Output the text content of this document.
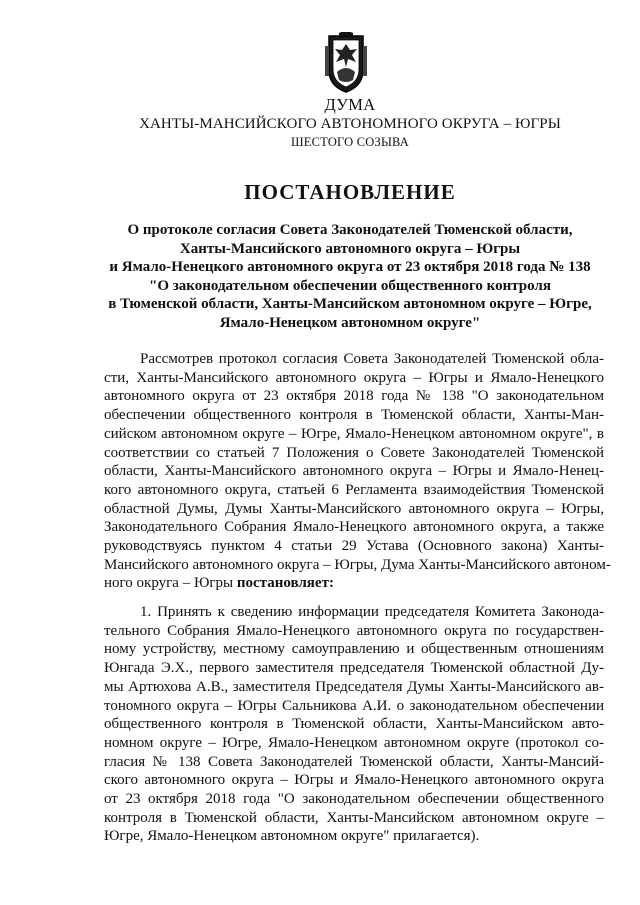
ДУМА
ХАНТЫ-МАНСИЙСКОГО АВТОНОМНОГО ОКРУГА – ЮГРЫ
ШЕСТОГО СОЗЫВА
ПОСТАНОВЛЕНИЕ
О протоколе согласия Совета Законодателей Тюменской области,
Ханты-Мансийского автономного округа – Югры
и Ямало-Ненецкого автономного округа от 23 октября 2018 года № 138
"О законодательном обеспечении общественного контроля
в Тюменской области, Ханты-Мансийском автономном округе – Югре,
Ямало-Ненецком автономном округе"
Рассмотрев протокол согласия Совета Законодателей Тюменской обла-
сти, Ханты-Мансийского автономного округа – Югры и Ямало-Ненецкого
автономного округа от 23 октября 2018 года № 138 "О законодательном
обеспечении общественного контроля в Тюменской области, Ханты-Ман-
сийском автономном округе – Югре, Ямало-Ненецком автономном округе", в
соответствии со статьей 7 Положения о Совете Законодателей Тюменской
области, Ханты-Мансийского автономного округа – Югры и Ямало-Ненец-
кого автономного округа, статьей 6 Регламента взаимодействия Тюменской
областной Думы, Думы Ханты-Мансийского автономного округа – Югры,
Законодательного Собрания Ямало-Ненецкого автономного округа, а также
руководствуясь пунктом 4 статьи 29 Устава (Основного закона) Ханты-
Мансийского автономного округа – Югры, Дума Ханты-Мансийского автоном-
ного округа – Югры постановляет:
1. Принять к сведению информации председателя Комитета Законода-
тельного Собрания Ямало-Ненецкого автономного округа по государствен-
ному устройству, местному самоуправлению и общественным отношениям
Юнгада Э.Х., первого заместителя председателя Тюменской областной Ду-
мы Артюхова А.В., заместителя Председателя Думы Ханты-Мансийского ав-
тономного округа – Югры Сальникова А.И. о законодательном обеспечении
общественного контроля в Тюменской области, Ханты-Мансийском авто-
номном округе – Югре, Ямало-Ненецком автономном округе (протокол со-
гласия № 138 Совета Законодателей Тюменской области, Ханты-Мансий-
ского автономного округа – Югры и Ямало-Ненецкого автономного округа
от 23 октября 2018 года "О законодательном обеспечении общественного
контроля в Тюменской области, Ханты-Мансийском автономном округе –
Югре, Ямало-Ненецком автономном округе" прилагается).
